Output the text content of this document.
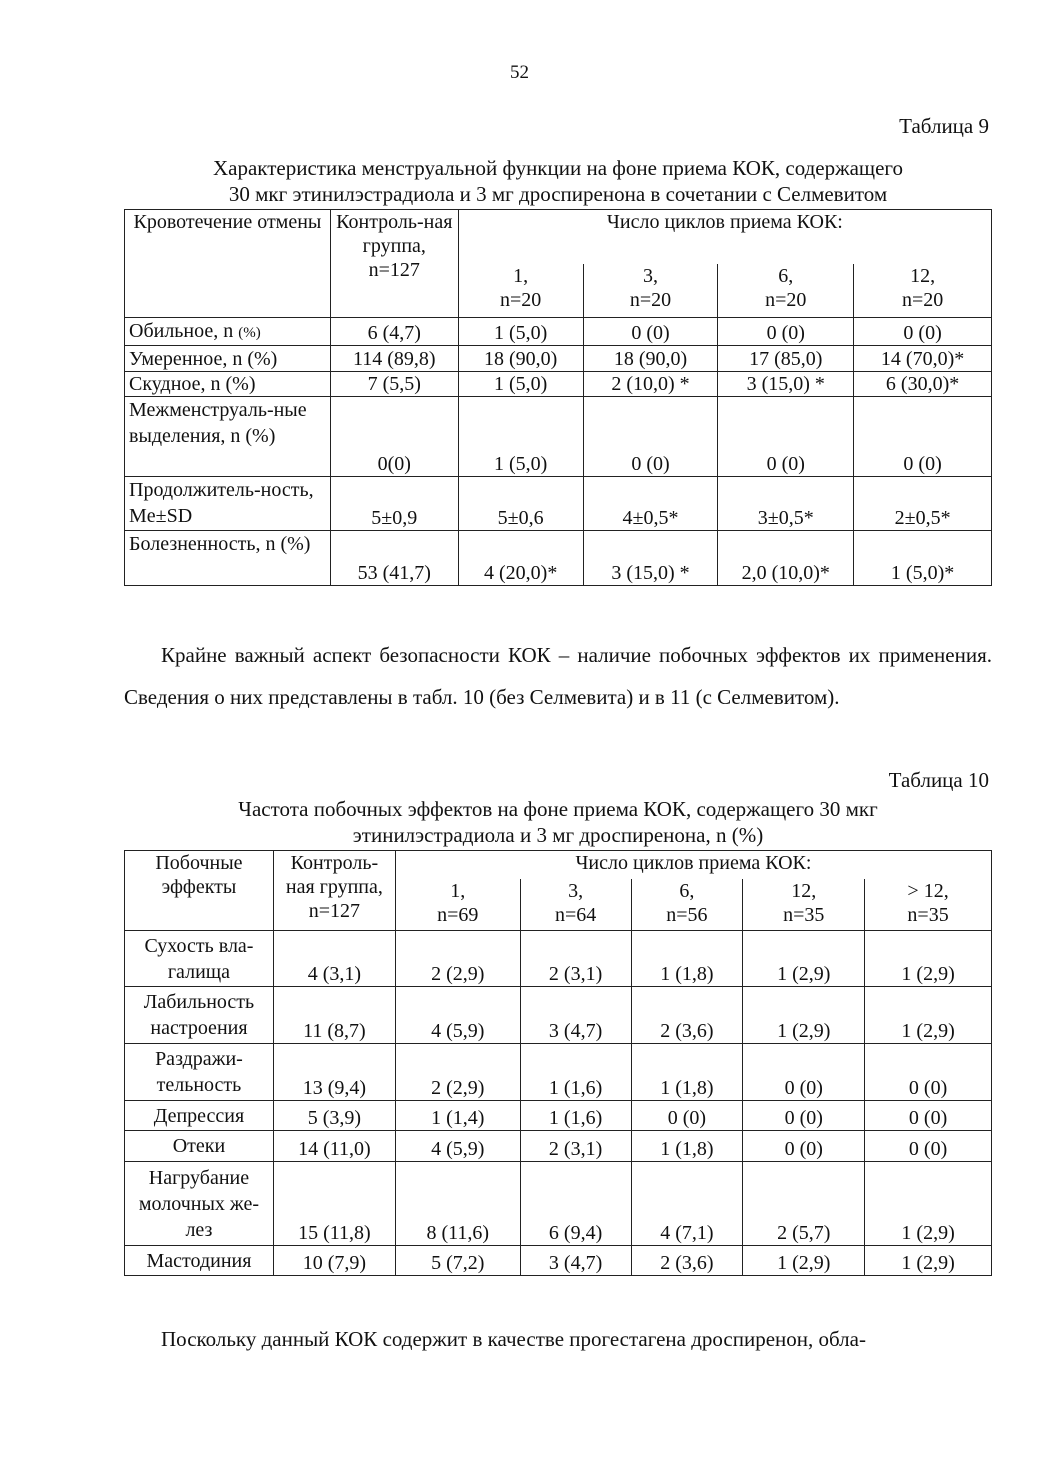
52
Таблица 9
Характеристика менструальной функции на фоне приема КОК, содержащего
30 мкг этинилэстрадиола и 3 мг дроспиренона в сочетании с Селмевитом
Кровотечение отмены	Контроль-ная группа, n=127	Число циклов приема КОК:			
		1,
n=20	3,
n=20	6,
n=20	12,
n=20
Обильное, n (%)	6 (4,7)	1 (5,0)	0 (0)	0 (0)	0 (0)
Умеренное, n (%)	114 (89,8)	18 (90,0)	18 (90,0)	17 (85,0)	14 (70,0)*
Скудное, n (%)	7 (5,5)	1 (5,0)	2 (10,0) *	3 (15,0) *	6 (30,0)*
Межменструаль-ные выделения, n (%)	0(0)	1 (5,0)	0 (0)	0 (0)	0 (0)
Продолжитель-ность, Me±SD	5±0,9	5±0,6	4±0,5*	3±0,5*	2±0,5*
Болезненность, n (%)	53 (41,7)	4 (20,0)*	3 (15,0) *	2,0 (10,0)*	1 (5,0)*
Крайне важный аспект безопасности КОК – наличие побочных эффектов их применения. Сведения о них представлены в табл. 10 (без Селмевита) и в 11 (с Селмевитом).
Таблица 10
Частота побочных эффектов на фоне приема КОК, содержащего 30 мкг
этинилэстрадиола и 3 мг дроспиренона, n (%)
Побочные эффекты	Контроль-ная группа, n=127	Число циклов приема КОК:				
		1,
n=69	3,
n=64	6,
n=56	12,
n=35	> 12,
n=35
Сухость вла-галища	4 (3,1)	2 (2,9)	2 (3,1)	1 (1,8)	1 (2,9)	1 (2,9)
Лабильность настроения	11 (8,7)	4 (5,9)	3 (4,7)	2 (3,6)	1 (2,9)	1 (2,9)
Раздражи-тельность	13 (9,4)	2 (2,9)	1 (1,6)	1 (1,8)	0 (0)	0 (0)
Депрессия	5 (3,9)	1 (1,4)	1 (1,6)	0 (0)	0 (0)	0 (0)
Отеки	14 (11,0)	4 (5,9)	2 (3,1)	1 (1,8)	0 (0)	0 (0)
Нагрубание молочных же-лез	15 (11,8)	8 (11,6)	6 (9,4)	4 (7,1)	2 (5,7)	1 (2,9)
Мастодиния	10 (7,9)	5 (7,2)	3 (4,7)	2 (3,6)	1 (2,9)	1 (2,9)
Поскольку данный КОК содержит в качестве прогестагена дроспиренон, обла-
